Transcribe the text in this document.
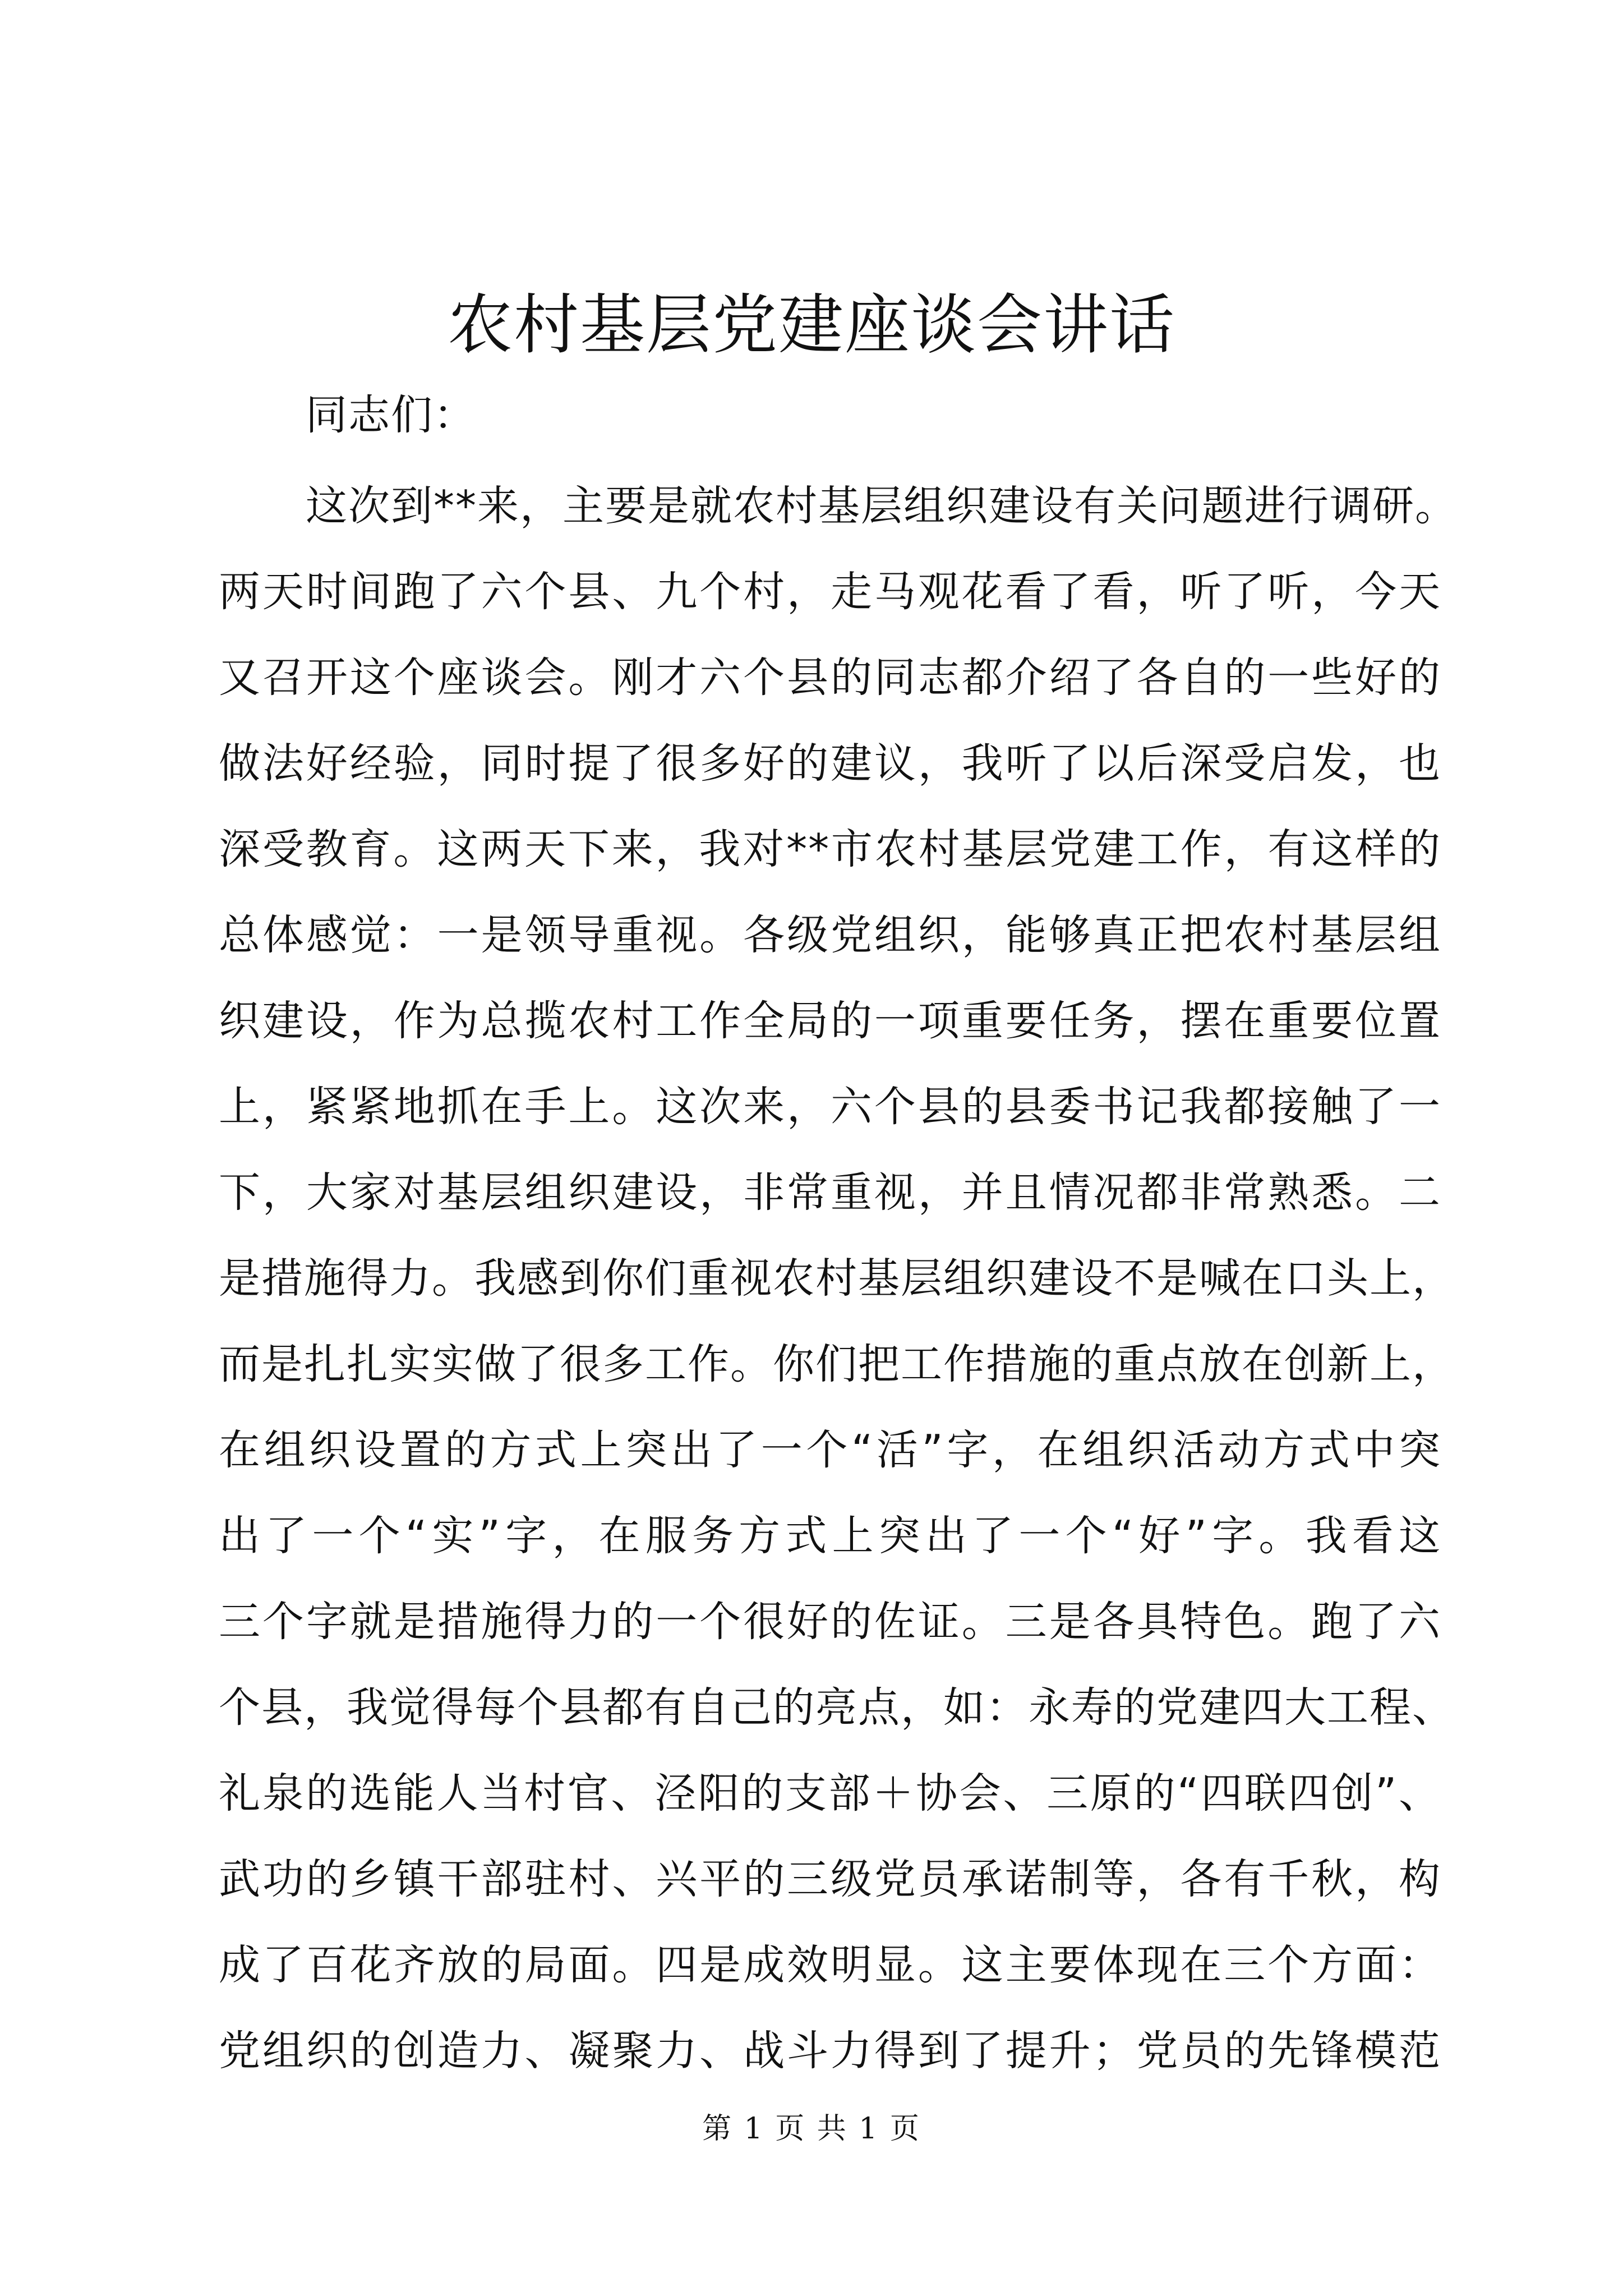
农村基层党建座谈会讲话
同志们：
这次到**来，主要是就农村基层组织建设有关问题进行调研。
两天时间跑了六个县、九个村，走马观花看了看，听了听，今天
又召开这个座谈会。刚才六个县的同志都介绍了各自的一些好的
做法好经验，同时提了很多好的建议，我听了以后深受启发，也
深受教育。这两天下来，我对**市农村基层党建工作，有这样的
总体感觉：一是领导重视。各级党组织，能够真正把农村基层组
织建设，作为总揽农村工作全局的一项重要任务，摆在重要位置
上，紧紧地抓在手上。这次来，六个县的县委书记我都接触了一
下，大家对基层组织建设，非常重视，并且情况都非常熟悉。二
是措施得力。我感到你们重视农村基层组织建设不是喊在口头上，
而是扎扎实实做了很多工作。你们把工作措施的重点放在创新上，
在组织设置的方式上突出了一个“活”字，在组织活动方式中突
出了一个“实”字，在服务方式上突出了一个“好”字。我看这
三个字就是措施得力的一个很好的佐证。三是各具特色。跑了六
个县，我觉得每个县都有自己的亮点，如：永寿的党建四大工程、
礼泉的选能人当村官、泾阳的支部＋协会、三原的“四联四创”、
武功的乡镇干部驻村、兴平的三级党员承诺制等，各有千秋，构
成了百花齐放的局面。四是成效明显。这主要体现在三个方面：
党组织的创造力、凝聚力、战斗力得到了提升；党员的先锋模范
第 1 页 共 1 页
